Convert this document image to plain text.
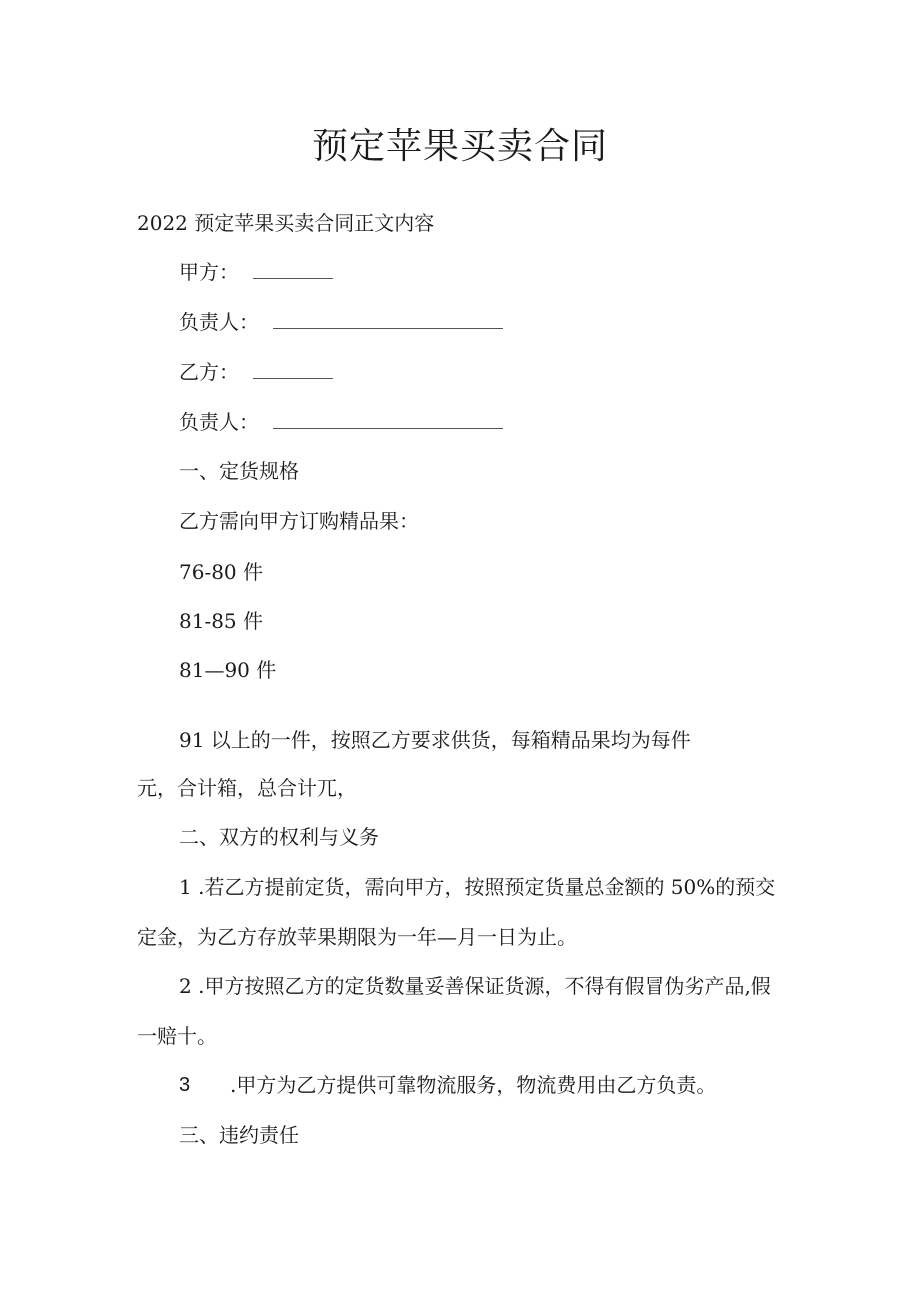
预定苹果买卖合同
2022 预定苹果买卖合同正文内容
甲方：
负责人：
乙方：
负责人：
一、定货规格
乙方需向甲方订购精品果：
76-80 件
81-85 件
81—90 件
91 以上的一件，按照乙方要求供货，每箱精品果均为每件
元，合计箱，总合计兀，
二、双方的权利与义务
1 .若乙方提前定货，需向甲方，按照预定货量总金额的 50%的预交
定金，为乙方存放苹果期限为一年—月一日为止。
2 .甲方按照乙方的定货数量妥善保证货源，不得有假冒伪劣产品,假
一赔十。
3 .甲方为乙方提供可靠物流服务，物流费用由乙方负责。
三、违约责任
